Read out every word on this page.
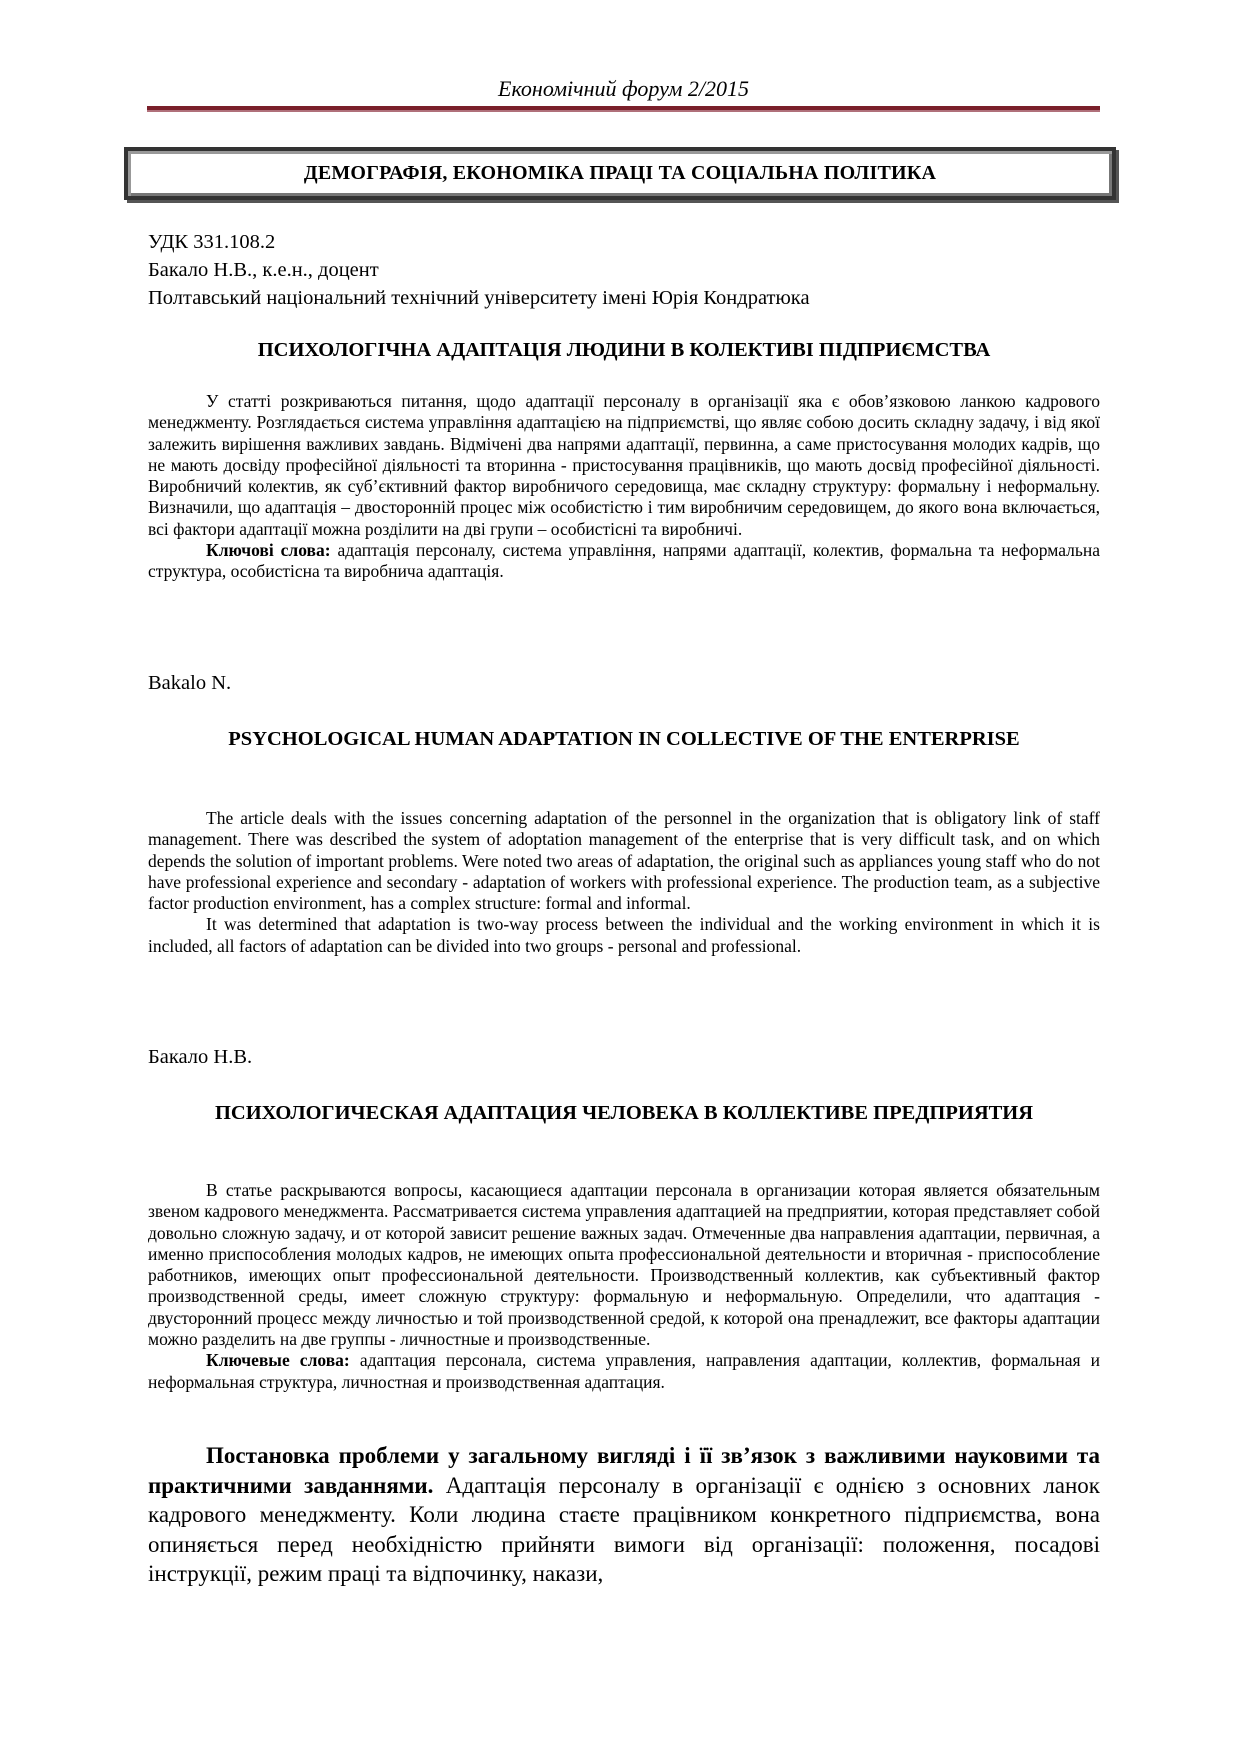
Економічний форум 2/2015
ДЕМОГРАФІЯ, ЕКОНОМІКА ПРАЦІ ТА СОЦІАЛЬНА ПОЛІТИКА
УДК 331.108.2
Бакало Н.В., к.е.н., доцент
Полтавський національний технічний університету імені Юрія Кондратюка
ПСИХОЛОГІЧНА АДАПТАЦІЯ ЛЮДИНИ В КОЛЕКТИВІ ПІДПРИЄМСТВА

У статті розкриваються питання, щодо адаптації персоналу в організації яка є обов’язковою ланкою кадрового менеджменту. Розглядається система управління адаптацією на підприємстві, що являє собою досить складну задачу, і від якої залежить вирішення важливих завдань. Відмічені два напрями адаптації, первинна, а саме пристосування молодих кадрів, що не мають досвіду професійної діяльності та вторинна - пристосування працівників, що мають досвід професійної діяльності. Виробничий колектив, як суб’єктивний фактор виробничого середовища, має складну структуру: формальну і неформальну. Визначили, що адаптація – двосторонній процес між особистістю і тим виробничим середовищем, до якого вона включається, всі фактори адаптації можна розділити на дві групи – особистісні та виробничі.

Ключові слова: адаптація персоналу, система управління, напрями адаптації, колектив, формальна та неформальна структура, особистісна та виробнича адаптація.

Bakalo N.
PSYCHOLOGICAL HUMAN ADAPTATION IN COLLECTIVE OF THE ENTERPRISE

The article deals with the issues concerning adaptation of the personnel in the organization that is obligatory link of staff management. There was described the system of adoptation management of the enterprise that is very difficult task, and on which depends the solution of important problems. Were noted two areas of adaptation, the original such as appliances young staff who do not have professional experience and secondary - adaptation of workers with professional experience. The production team, as a subjective factor production environment, has a complex structure: formal and informal.

It was determined that adaptation is two-way process between the individual and the working environment in which it is included, all factors of adaptation can be divided into two groups - personal and professional.

Бакало Н.В.
ПСИХОЛОГИЧЕСКАЯ АДАПТАЦИЯ ЧЕЛОВЕКА В КОЛЛЕКТИВЕ ПРЕДПРИЯТИЯ

В статье раскрываются вопросы, касающиеся адаптации персонала в организации которая является обязательным звеном кадрового менеджмента. Рассматривается система управления адаптацией на предприятии, которая представляет собой довольно сложную задачу, и от которой зависит решение важных задач. Отмеченные два направления адаптации, первичная, а именно приспособления молодых кадров, не имеющих опыта профессиональной деятельности и вторичная - приспособление работников, имеющих опыт профессиональной деятельности. Производственный коллектив, как субъективный фактор производственной среды, имеет сложную структуру: формальную и неформальную. Определили, что адаптация - двусторонний процесс между личностью и той производственной средой, к которой она пренадлежит, все факторы адаптации можно разделить на две группы - личностные и производственные.

Ключевые слова: адаптация персонала, система управления, направления адаптации, коллектив, формальная и неформальная структура, личностная и производственная адаптация.

Постановка проблеми у загальному вигляді і її зв’язок з важливими науковими та практичними завданнями. Адаптація персоналу в організації є однією з основних ланок кадрового менеджменту. Коли людина стаєте працівником конкретного підприємства, вона опиняється перед необхідністю прийняти вимоги від організації: положення, посадові інструкції, режим праці та відпочинку, накази,
